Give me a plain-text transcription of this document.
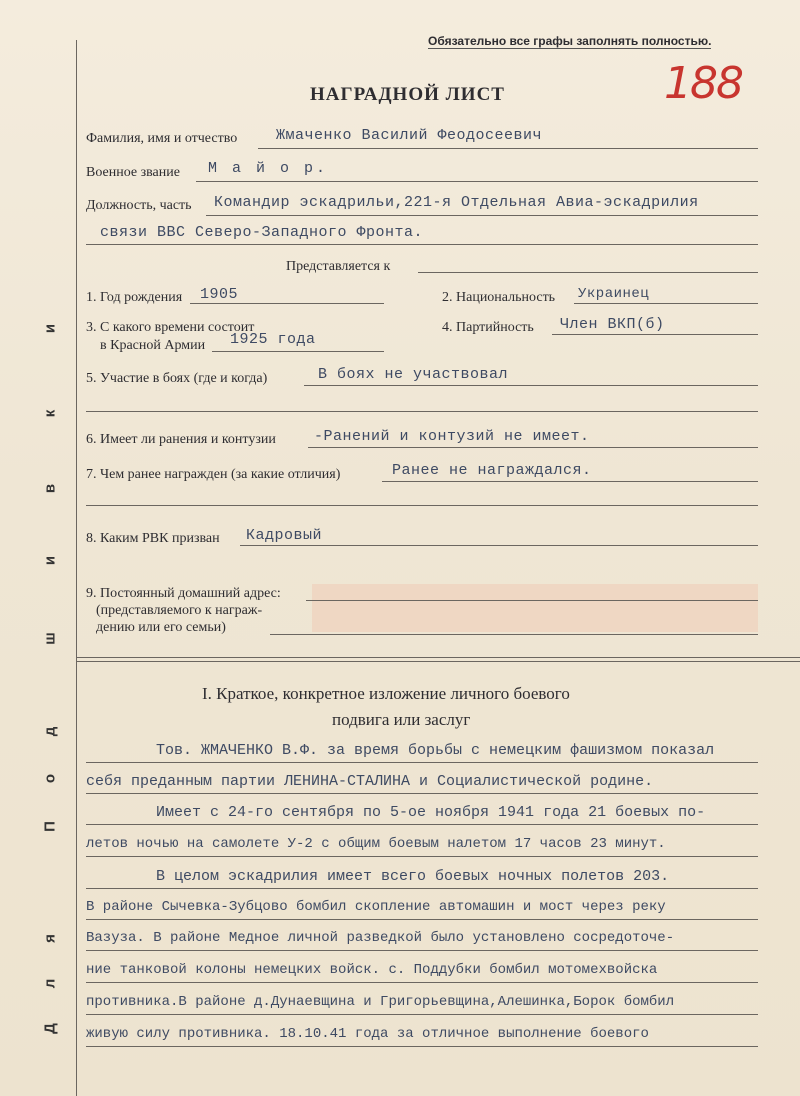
Д
л
я
П
о
д
ш
и
в
к
и
Обязательно все графы заполнять полностью.
188
НАГРАДНОЙ ЛИСТ
Фамилия, имя и отчество	Жмаченко Василий Феодосеевич
Военное звание М а й о р.
Должность, часть Командир эскадрильи,221-я Отдельная Авиа-эскадрилия
связи ВВС Северо-Западного Фронта.
Представляется к
1. Год рождения 1905	2. Национальность Украинец
3. С какого времени состоит
в Красной Армии 1925 года
4. Партийность Член ВКП(б)
5. Участие в боях (где и когда)	В боях не участвовал
6. Имеет ли ранения и контузии	-Ранений и контузий не имеет.
7. Чем ранее награжден (за какие отличия)	Ранее не награждался.
8. Каким РВК призван Кадровый
9. Постоянный домашний адрес:
(представляемого к награж-
дению или его семьи)
I. Краткое, конкретное изложение личного боевого
подвига или заслуг
Тов. ЖМАЧЕНКО В.Ф. за время борьбы с немецким фашизмом показал
себя преданным партии ЛЕНИНА-СТАЛИНА и Социалистической родине.
Имеет с 24-го сентября по 5-ое ноября 1941 года 21 боевых по-
летов ночью на самолете У-2 с общим боевым налетом 17 часов 23 минут.
В целом эскадрилия имеет всего боевых ночных полетов 203.
В районе Сычевка-Зубцово бомбил скопление автомашин и мост через реку
Вазуза. В районе Медное личной разведкой было установлено сосредоточе-
ние танковой колоны немецких войск. с. Поддубки бомбил мотомехвойска
противника.В районе д.Дунаевщина и Григорьевщина,Алешинка,Борок бомбил
живую силу противника. 18.10.41 года за отличное выполнение боевого
